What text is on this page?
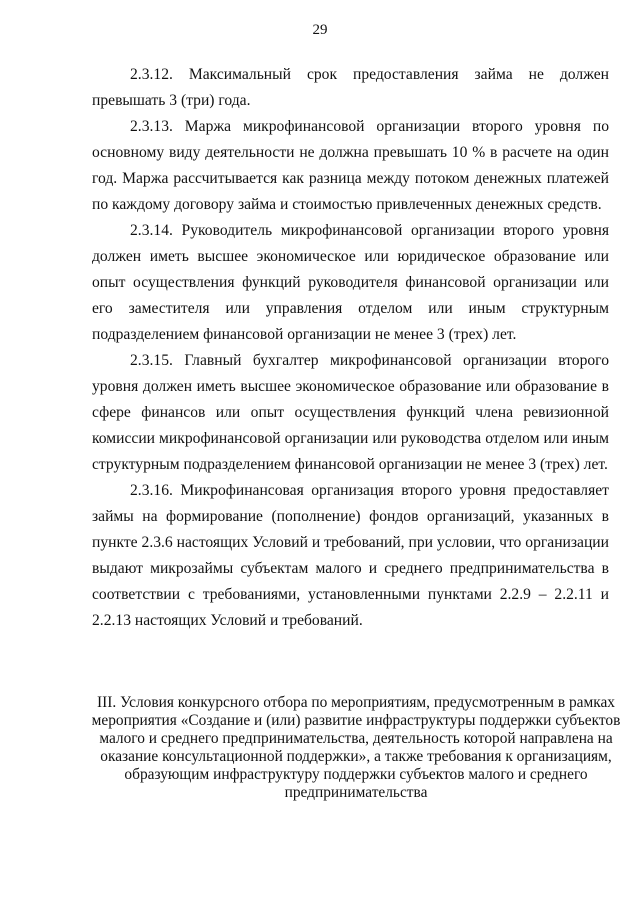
29

2.3.12. Максимальный срок предоставления займа не должен превышать 3 (три) года.

2.3.13. Маржа микрофинансовой организации второго уровня по основному виду деятельности не должна превышать 10 % в расчете на один год. Маржа рассчитывается как разница между потоком денежных платежей по каждому договору займа и стоимостью привлеченных денежных средств.

2.3.14. Руководитель микрофинансовой организации второго уровня должен иметь высшее экономическое или юридическое образование или опыт осуществления функций руководителя финансовой организации или его заместителя или управления отделом или иным структурным подразделением финансовой организации не менее 3 (трех) лет.

2.3.15. Главный бухгалтер микрофинансовой организации второго уровня должен иметь высшее экономическое образование или образование в сфере финансов или опыт осуществления функций члена ревизионной комиссии микрофинансовой организации или руководства отделом или иным структурным подразделением финансовой организации не менее 3 (трех) лет.

2.3.16. Микрофинансовая организация второго уровня предоставляет займы на формирование (пополнение) фондов организаций, указанных в пункте 2.3.6 настоящих Условий и требований, при условии, что организации выдают микрозаймы субъектам малого и среднего предпринимательства в соответствии с требованиями, установленными пунктами 2.2.9 – 2.2.11 и 2.2.13 настоящих Условий и требований.

III. Условия конкурсного отбора по мероприятиям, предусмотренным в рамках мероприятия «Создание и (или) развитие инфраструктуры поддержки субъектов малого и среднего предпринимательства, деятельность которой направлена на оказание консультационной поддержки», а также требования к организациям, образующим инфраструктуру поддержки субъектов малого и среднего предпринимательства
